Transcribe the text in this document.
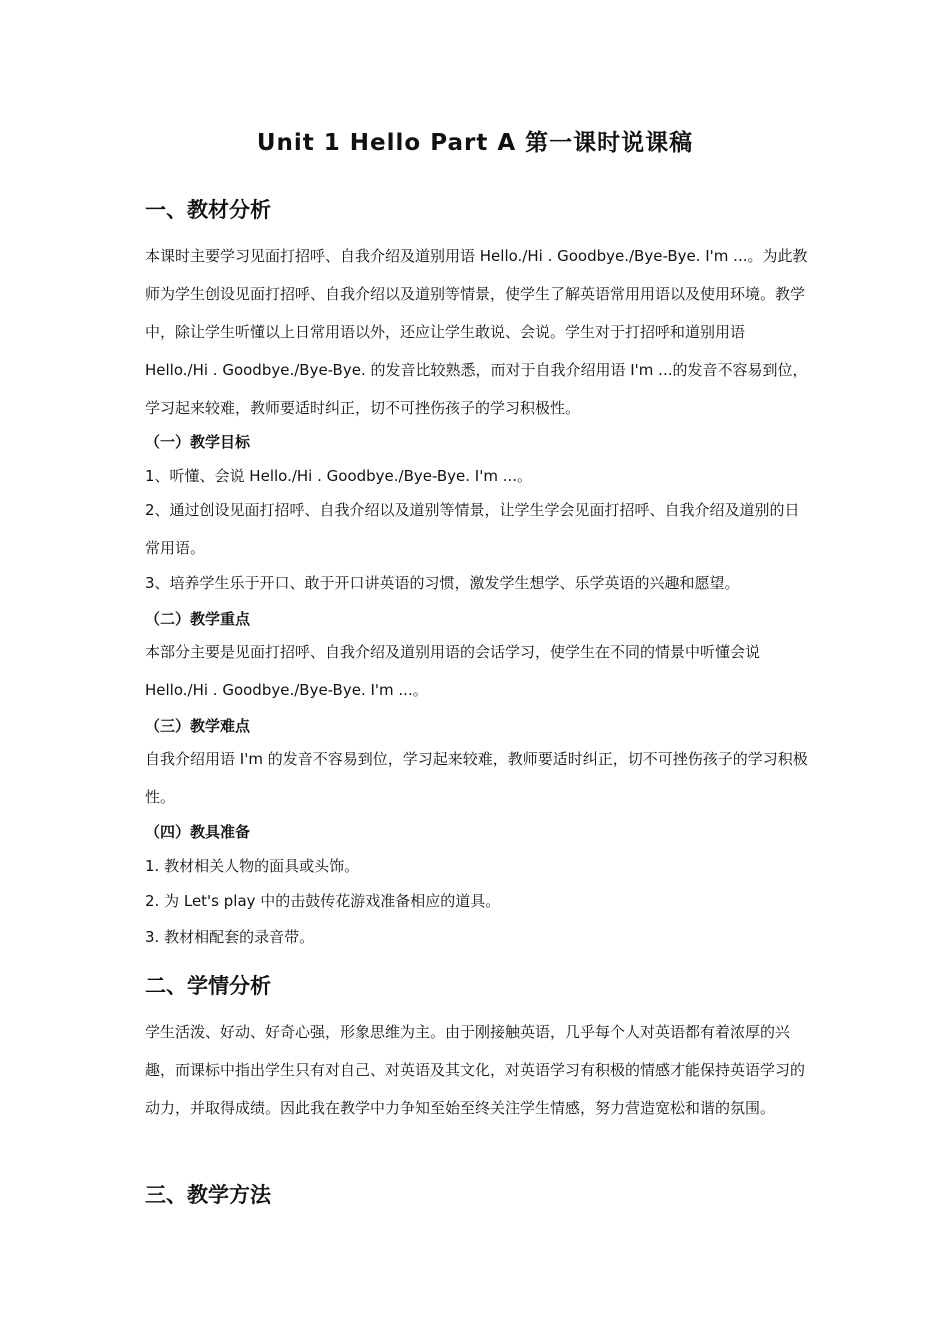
Unit 1 Hello Part A 第一课时说课稿
一、教材分析
本课时主要学习见面打招呼、自我介绍及道别用语 Hello./Hi . Goodbye./Bye-Bye. I'm ...。为此教师为学生创设见面打招呼、自我介绍以及道别等情景，使学生了解英语常用用语以及使用环境。教学中，除让学生听懂以上日常用语以外，还应让学生敢说、会说。学生对于打招呼和道别用语 Hello./Hi . Goodbye./Bye-Bye. 的发音比较熟悉，而对于自我介绍用语 I'm ...的发音不容易到位，学习起来较难，教师要适时纠正，切不可挫伤孩子的学习积极性。
（一）教学目标
1、听懂、会说 Hello./Hi . Goodbye./Bye-Bye. I'm ...。
2、通过创设见面打招呼、自我介绍以及道别等情景，让学生学会见面打招呼、自我介绍及道别的日常用语。
3、培养学生乐于开口、敢于开口讲英语的习惯，激发学生想学、乐学英语的兴趣和愿望。
（二）教学重点
本部分主要是见面打招呼、自我介绍及道别用语的会话学习，使学生在不同的情景中听懂会说 Hello./Hi . Goodbye./Bye-Bye. I'm ...。
（三）教学难点
自我介绍用语 I'm 的发音不容易到位，学习起来较难，教师要适时纠正，切不可挫伤孩子的学习积极性。
（四）教具准备
1. 教材相关人物的面具或头饰。
2. 为 Let's play 中的击鼓传花游戏准备相应的道具。
3. 教材相配套的录音带。
二、学情分析
学生活泼、好动、好奇心强，形象思维为主。由于刚接触英语，几乎每个人对英语都有着浓厚的兴趣，而课标中指出学生只有对自己、对英语及其文化，对英语学习有积极的情感才能保持英语学习的动力，并取得成绩。因此我在教学中力争知至始至终关注学生情感，努力营造宽松和谐的氛围。
三、教学方法
